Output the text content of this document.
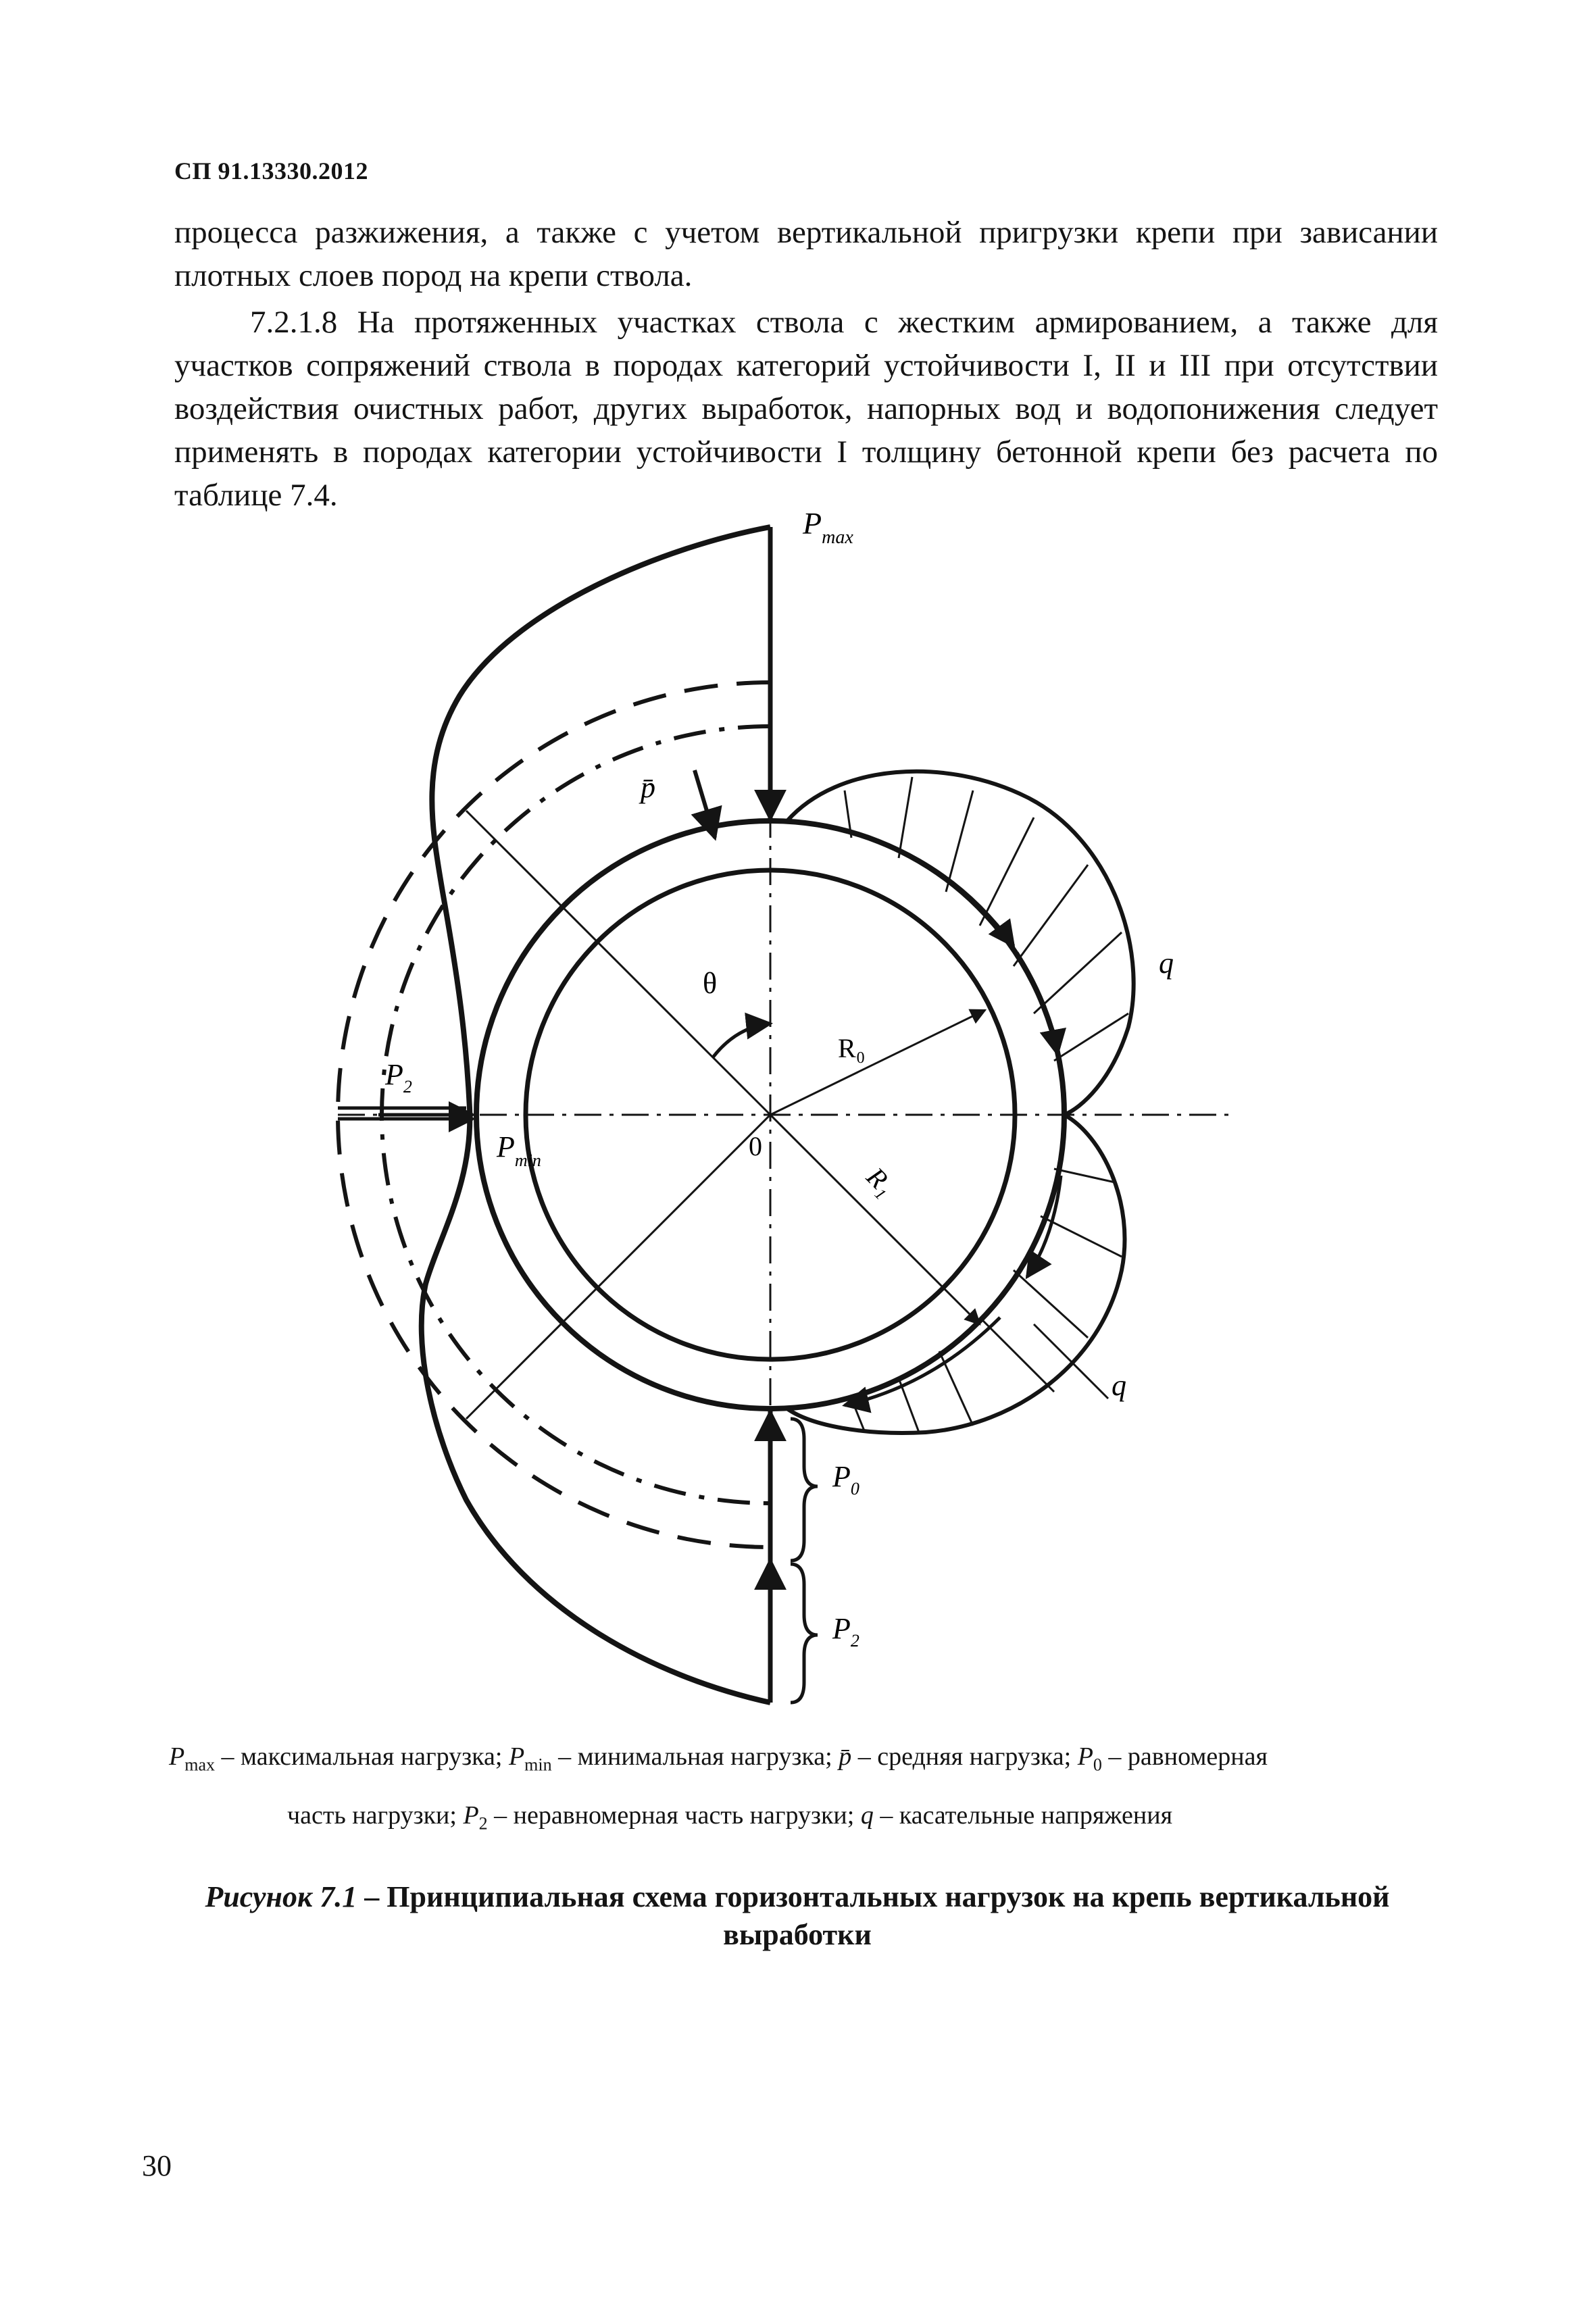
СП 91.13330.2012

процесса разжижения, а также с учетом вертикальной пригрузки крепи при зависании плотных слоев пород на крепи ствола.

7.2.1.8 На протяженных участках ствола с жестким армированием, а также для участков сопряжений ствола в породах категорий устойчивости I, II и III при отсутствии воздействия очистных работ, других выработок, напорных вод и водопонижения следует применять в породах категории устойчивости I толщину бетонной крепи без расчета по таблице 7.4.

$P_{max}$
p̄
θ
q
R₀
R₁
0
$P_2$
$P_{min}$
q
$P_0$
$P_2$
$P_{max}$ – максимальная нагрузка; $P_{min}$ – минимальная нагрузка; p̄ – средняя нагрузка; $P_0$ – равномерная
часть нагрузки; $P_2$ – неравномерная часть нагрузки; q – касательные напряжения
Рисунок 7.1 – Принципиальная схема горизонтальных нагрузок на крепь вертикальной выработки
30
